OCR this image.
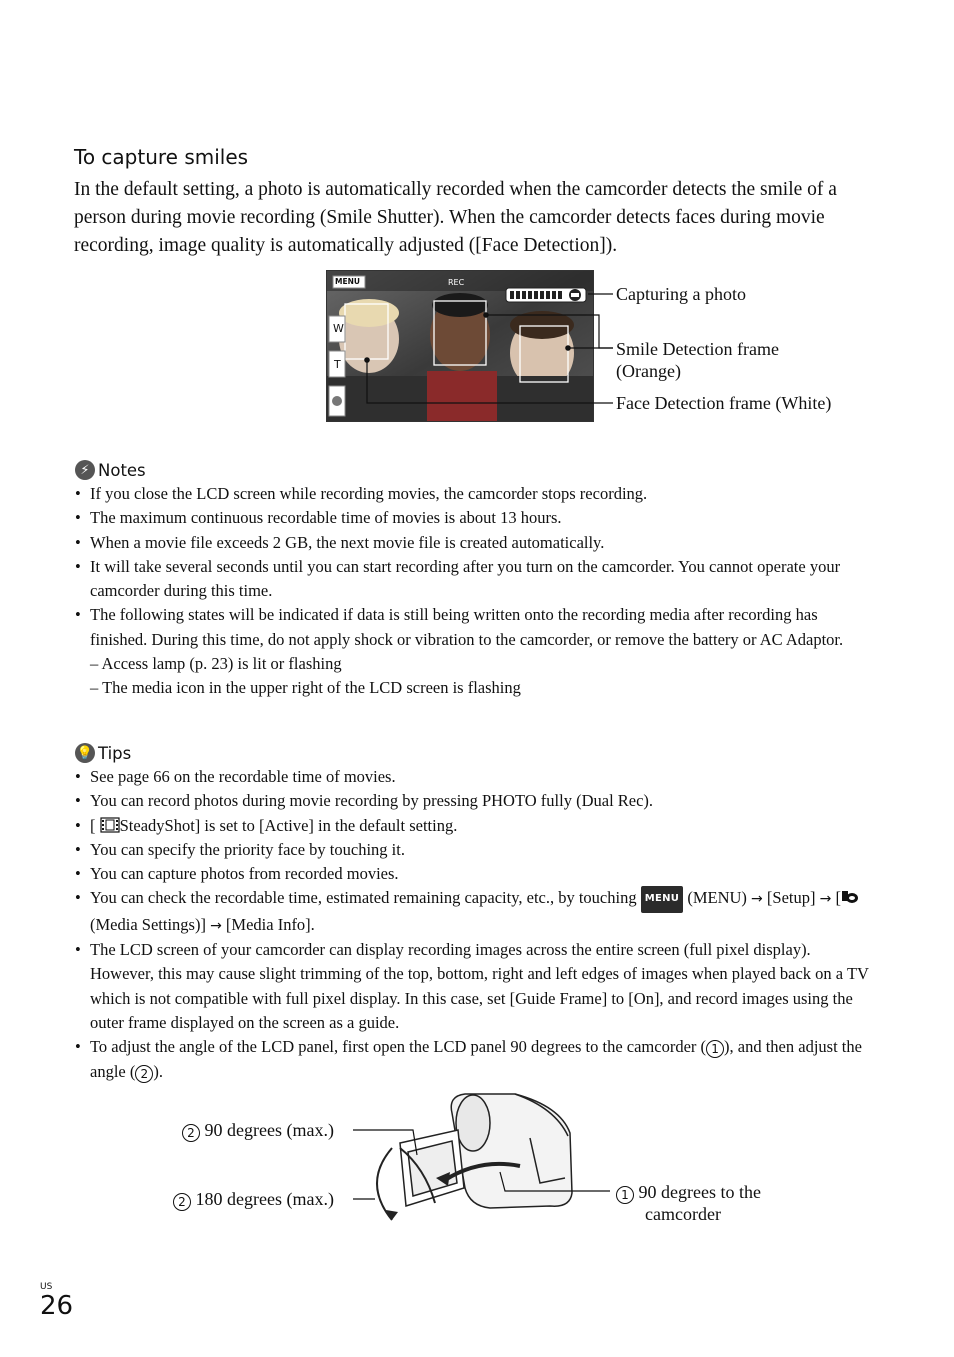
To capture smiles
In the default setting, a photo is automatically recorded when the camcorder detects the smile of a person during movie recording (Smile Shutter). When the camcorder detects faces during movie recording, image quality is automatically adjusted ([Face Detection]).
MENU	REC
W
T
Capturing a photo
Smile Detection frame
(Orange)
Face Detection frame (White)
⚡ Notes
• If you close the LCD screen while recording movies, the camcorder stops recording.
• The maximum continuous recordable time of movies is about 13 hours.
• When a movie file exceeds 2 GB, the next movie file is created automatically.
• It will take several seconds until you can start recording after you turn on the camcorder. You cannot operate your camcorder during this time.
• The following states will be indicated if data is still being written onto the recording media after recording has finished. During this time, do not apply shock or vibration to the camcorder, or remove the battery or AC Adaptor.
– Access lamp (p. 23) is lit or flashing
– The media icon in the upper right of the LCD screen is flashing
💡 Tips
• See page 66 on the recordable time of movies.
• You can record photos during movie recording by pressing PHOTO fully (Dual Rec).
• [ SteadyShot] is set to [Active] in the default setting.
• You can specify the priority face by touching it.
• You can capture photos from recorded movies.
• You can check the recordable time, estimated remaining capacity, etc., by touching MENU (MENU) → [Setup] → [(Media Settings)] → [Media Info].
• The LCD screen of your camcorder can display recording images across the entire screen (full pixel display). However, this may cause slight trimming of the top, bottom, right and left edges of images when played back on a TV which is not compatible with full pixel display. In this case, set [Guide Frame] to [On], and record images using the outer frame displayed on the screen as a guide.
• To adjust the angle of the LCD panel, first open the LCD panel 90 degrees to the camcorder ( 1 ), and then adjust the angle ( 2 ).
2 90 degrees (max.)
2 180 degrees (max.)	1 90 degrees to the
camcorder
US
26
